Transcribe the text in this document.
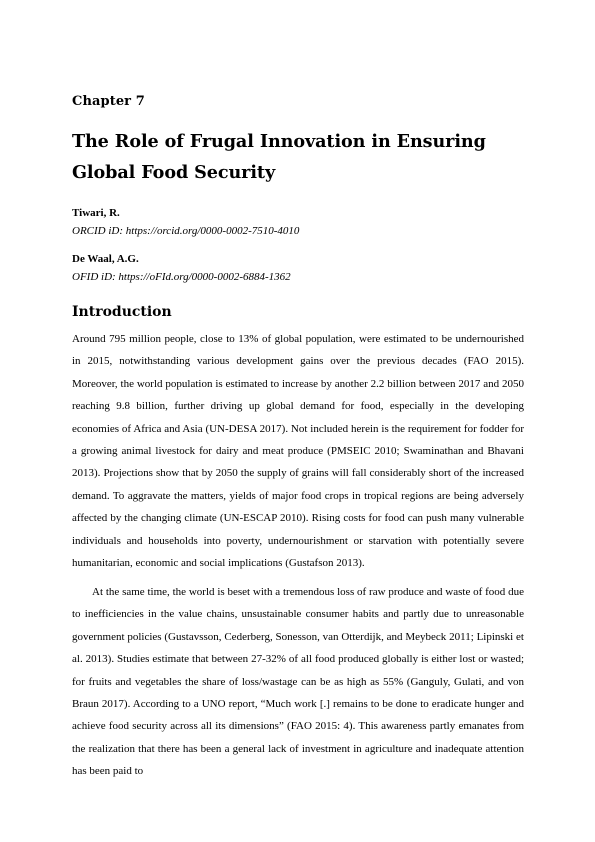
Chapter 7
The Role of Frugal Innovation in Ensuring Global Food Security
Tiwari, R.
ORCID iD: https://orcid.org/0000-0002-7510-4010
De Waal, A.G.
OFID iD: https://oFId.org/0000-0002-6884-1362
Introduction

Around 795 million people, close to 13% of global population, were estimated to be undernourished in 2015, notwithstanding various development gains over the previous decades (FAO 2015). Moreover, the world population is estimated to increase by another 2.2 billion between 2017 and 2050 reaching 9.8 billion, further driving up global demand for food, especially in the developing economies of Africa and Asia (UN-DESA 2017). Not included herein is the requirement for fodder for a growing animal livestock for dairy and meat produce (PMSEIC 2010; Swaminathan and Bhavani 2013). Projections show that by 2050 the supply of grains will fall considerably short of the increased demand. To aggravate the matters, yields of major food crops in tropical regions are being adversely affected by the changing climate (UN-ESCAP 2010). Rising costs for food can push many vulnerable individuals and households into poverty, undernourishment or starvation with potentially severe humanitarian, economic and social implications (Gustafson 2013).

At the same time, the world is beset with a tremendous loss of raw produce and waste of food due to inefficiencies in the value chains, unsustainable consumer habits and partly due to unreasonable government policies (Gustavsson, Cederberg, Sonesson, van Otterdijk, and Meybeck 2011; Lipinski et al. 2013). Studies estimate that between 27-32% of all food produced globally is either lost or wasted; for fruits and vegetables the share of loss/wastage can be as high as 55% (Ganguly, Gulati, and von Braun 2017). According to a UNO report, “Much work [.] remains to be done to eradicate hunger and achieve food security across all its dimensions” (FAO 2015: 4). This awareness partly emanates from the realization that there has been a general lack of investment in agriculture and inadequate attention has been paid to
